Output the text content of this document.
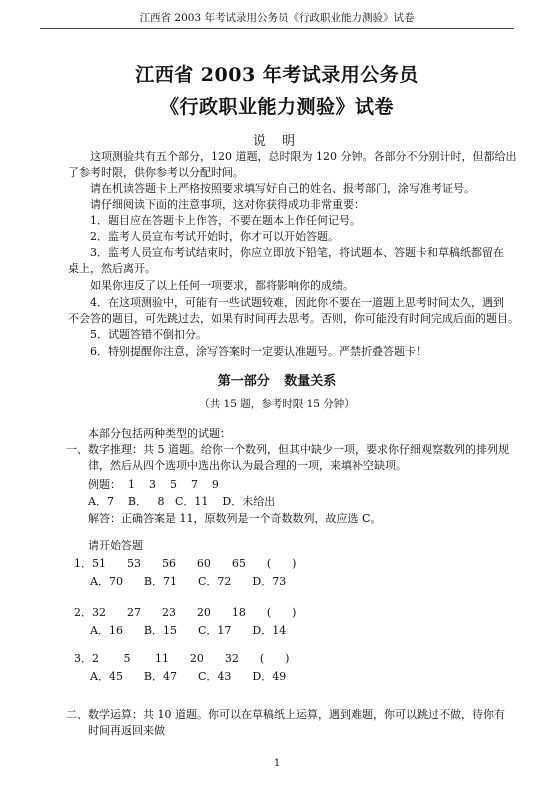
江西省 2003 年考试录用公务员《行政职业能力测验》试卷
江西省 2003 年考试录用公务员
《行政职业能力测验》试卷
说 明
这项测验共有五个部分，120 道题，总时限为 120 分钟。各部分不分别计时，但都给出
了参考时限，供你参考以分配时间。
请在机读答题卡上严格按照要求填写好自己的姓名、报考部门，涂写准考证号。
请仔细阅读下面的注意事项，这对你获得成功非常重要：
1．题目应在答题卡上作答，不要在题本上作任何记号。
2．监考人员宣布考试开始时，你才可以开始答题。
3．监考人员宣布考试结束时，你应立即放下铅笔，将试题本、答题卡和草稿纸都留在
桌上，然后离开。
如果你违反了以上任何一项要求，都将影响你的成绩。
4．在这项测验中，可能有一些试题较难，因此你不要在一道题上思考时间太久，遇到
不会答的题目，可先跳过去，如果有时间再去思考。否则，你可能没有时间完成后面的题目。
5．试题答错不倒扣分。
6．特别提醒你注意，涂写答案时一定要认准题号。严禁折叠答题卡！
第一部分 数量关系
（共 15 题，参考时限 15 分钟）
本部分包括两种类型的试题：
一、数字推理：共 5 道题。给你一个数列，但其中缺少一项，要求你仔细观察数列的排列规
律，然后从四个选项中选出你认为最合理的一项，来填补空缺项。
例题：  1    3    5    7    9
A．7    B．   8   C．11    D．未给出
解答：正确答案是 11，原数列是一个奇数数列，故应选 C。
请开始答题
1．51      53      56      60      65      (      )
A．70      B．71      C．72      D．73
2．32      27      23      20      18      (      )
A．16      B．15      C．17      D．14
3．2       5       11      20      32      (      )
A．45      B．47      C．43      D．49
二、数学运算：共 10 道题。你可以在草稿纸上运算，遇到难题，你可以跳过不做，待你有
时间再返回来做
1
